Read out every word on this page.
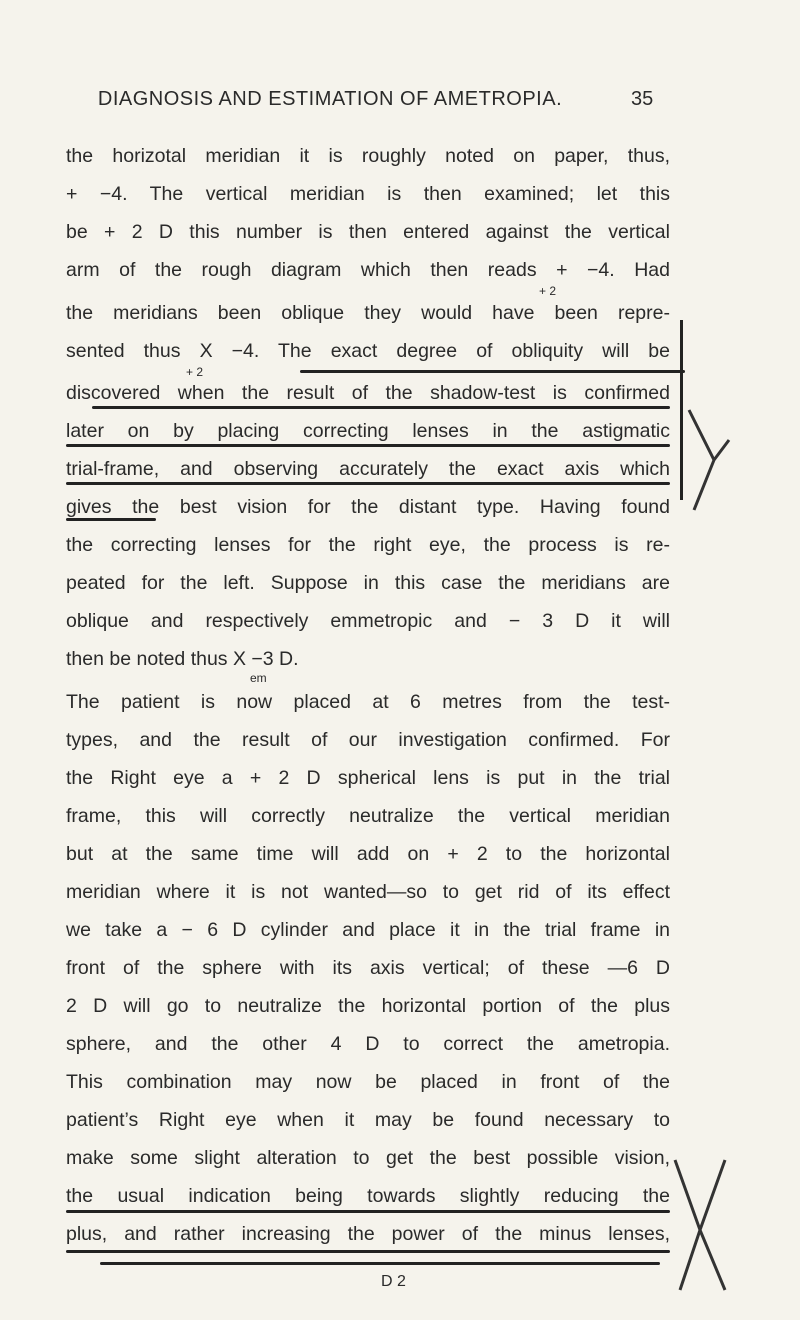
DIAGNOSIS AND ESTIMATION OF AMETROPIA.	35
the horizotal meridian it is roughly noted on paper, thus,
+ −4. The vertical meridian is then examined; let this
be + 2 D this number is then entered against the vertical
arm of the rough diagram which then reads + −4. Had
+ 2
the meridians been oblique they would have been repre-
sented thus X −4. The exact degree of obliquity will be
+ 2
discovered when the result of the shadow-test is confirmed
later on by placing correcting lenses in the astigmatic
trial-frame, and observing accurately the exact axis which
gives the best vision for the distant type. Having found
the correcting lenses for the right eye, the process is re-
peated for the left. Suppose in this case the meridians are
oblique and respectively emmetropic and − 3 D it will
then be noted thus X −3 D.
em
The patient is now placed at 6 metres from the test-
types, and the result of our investigation confirmed. For
the Right eye a + 2 D spherical lens is put in the trial
frame, this will correctly neutralize the vertical meridian
but at the same time will add on + 2 to the horizontal
meridian where it is not wanted—so to get rid of its effect
we take a − 6 D cylinder and place it in the trial frame in
front of the sphere with its axis vertical; of these —6 D
2 D will go to neutralize the horizontal portion of the plus
sphere, and the other 4 D to correct the ametropia.
This combination may now be placed in front of the
patient’s Right eye when it may be found necessary to
make some slight alteration to get the best possible vision,
the usual indication being towards slightly reducing the
plus, and rather increasing the power of the minus lenses,
D 2
